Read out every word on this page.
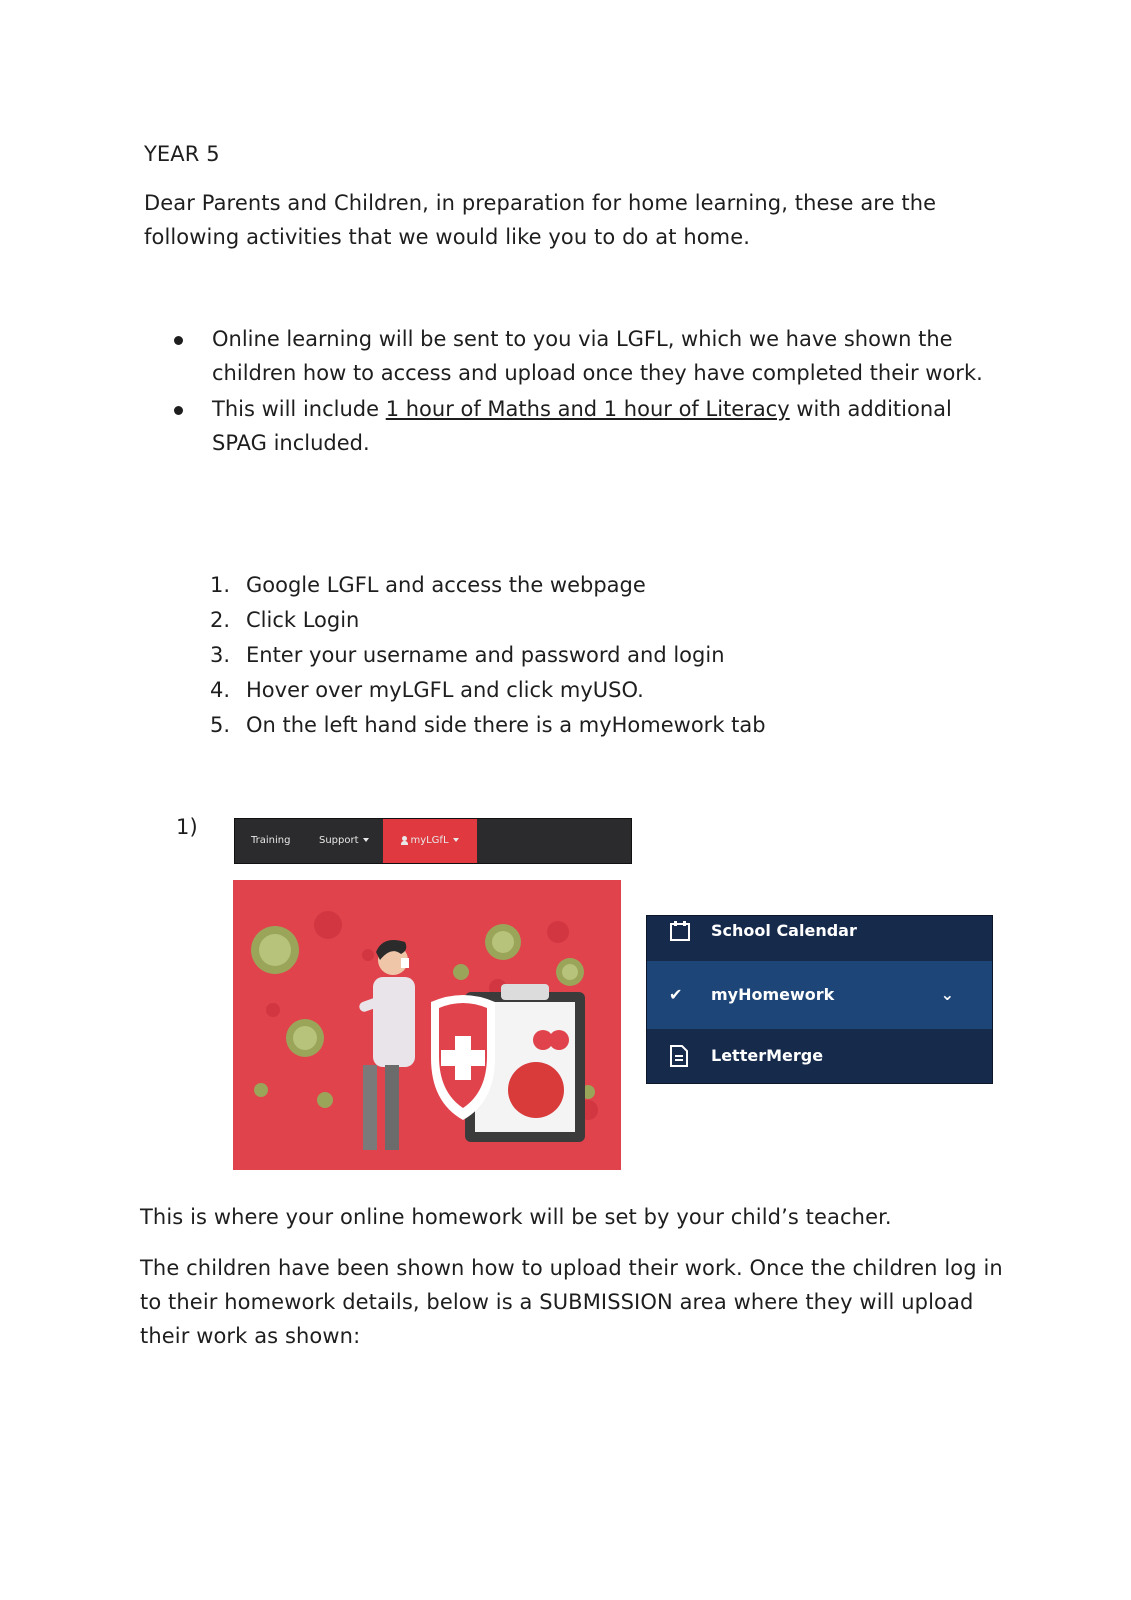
YEAR 5
Dear Parents and Children, in preparation for home learning, these are the following activities that we would like you to do at home.
Online learning will be sent to you via LGFL, which we have shown the children how to access and upload once they have completed their work.
This will include 1 hour of Maths and 1 hour of Literacy with additional SPAG included.
1. Google LGFL and access the webpage
2. Click Login
3. Enter your username and password and login
4. Hover over myLGFL and click myUSO.
5. On the left hand side there is a myHomework tab
1)
Training	Support	myLGfL
School Calendar
✔ myHomework	⌄
LetterMerge
This is where your online homework will be set by your child’s teacher.
The children have been shown how to upload their work. Once the children log in to their homework details, below is a SUBMISSION area where they will upload their work as shown:
